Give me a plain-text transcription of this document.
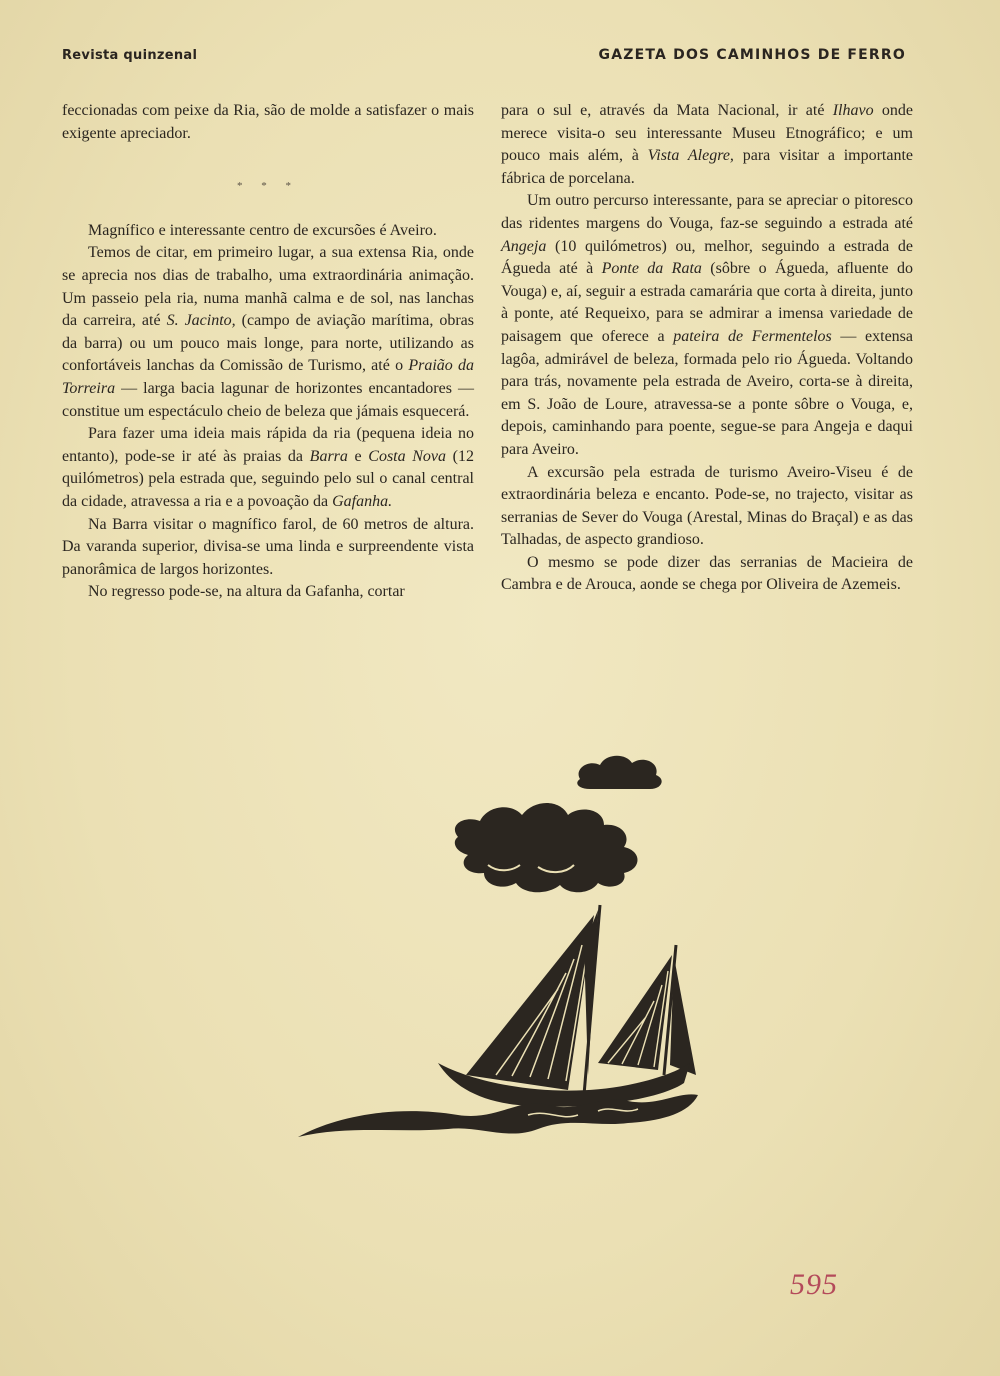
Revista quinzenal	GAZETA DOS CAMINHOS DE FERRO

feccionadas com peixe da Ria, são de molde a satisfazer o mais exigente apreciador.

* * *

Magnífico e interessante centro de excursões é Aveiro.

Temos de citar, em primeiro lugar, a sua extensa Ria, onde se aprecia nos dias de trabalho, uma extraordinária animação. Um passeio pela ria, numa manhã calma e de sol, nas lanchas da carreira, até S. Jacinto, (campo de aviação marítima, obras da barra) ou um pouco mais longe, para norte, utilizando as confortáveis lanchas da Comissão de Turismo, até o Praião da Torreira — larga bacia lagunar de horizontes encantadores — constitue um espectáculo cheio de beleza que jámais esquecerá.

Para fazer uma ideia mais rápida da ria (pequena ideia no entanto), pode-se ir até às praias da Barra e Costa Nova (12 quilómetros) pela estrada que, seguindo pelo sul o canal central da cidade, atravessa a ria e a povoação da Gafanha.

Na Barra visitar o magnífico farol, de 60 metros de altura. Da varanda superior, divisa-se uma linda e surpreendente vista panorâmica de largos horizontes.

No regresso pode-se, na altura da Gafanha, cortar

para o sul e, através da Mata Nacional, ir até Ilhavo onde merece visita-o seu interessante Museu Etnográfico; e um pouco mais além, à Vista Alegre, para visitar a importante fábrica de porcelana.

Um outro percurso interessante, para se apreciar o pitoresco das ridentes margens do Vouga, faz-se seguindo a estrada até Angeja (10 quilómetros) ou, melhor, seguindo a estrada de Águeda até à Ponte da Rata (sôbre o Águeda, afluente do Vouga) e, aí, seguir a estrada camarária que corta à direita, junto à ponte, até Requeixo, para se admirar a imensa variedade de paisagem que oferece a pateira de Fermentelos — extensa lagôa, admirável de beleza, formada pelo rio Águeda. Voltando para trás, novamente pela estrada de Aveiro, corta-se à direita, em S. João de Loure, atravessa-se a ponte sôbre o Vouga, e, depois, caminhando para poente, segue-se para Angeja e daqui para Aveiro.

A excursão pela estrada de turismo Aveiro-Viseu é de extraordinária beleza e encanto. Pode-se, no trajecto, visitar as serranias de Sever do Vouga (Arestal, Minas do Braçal) e as das Talhadas, de aspecto grandioso.

O mesmo se pode dizer das serranias de Macieira de Cambra e de Arouca, aonde se chega por Oliveira de Azemeis.

595
